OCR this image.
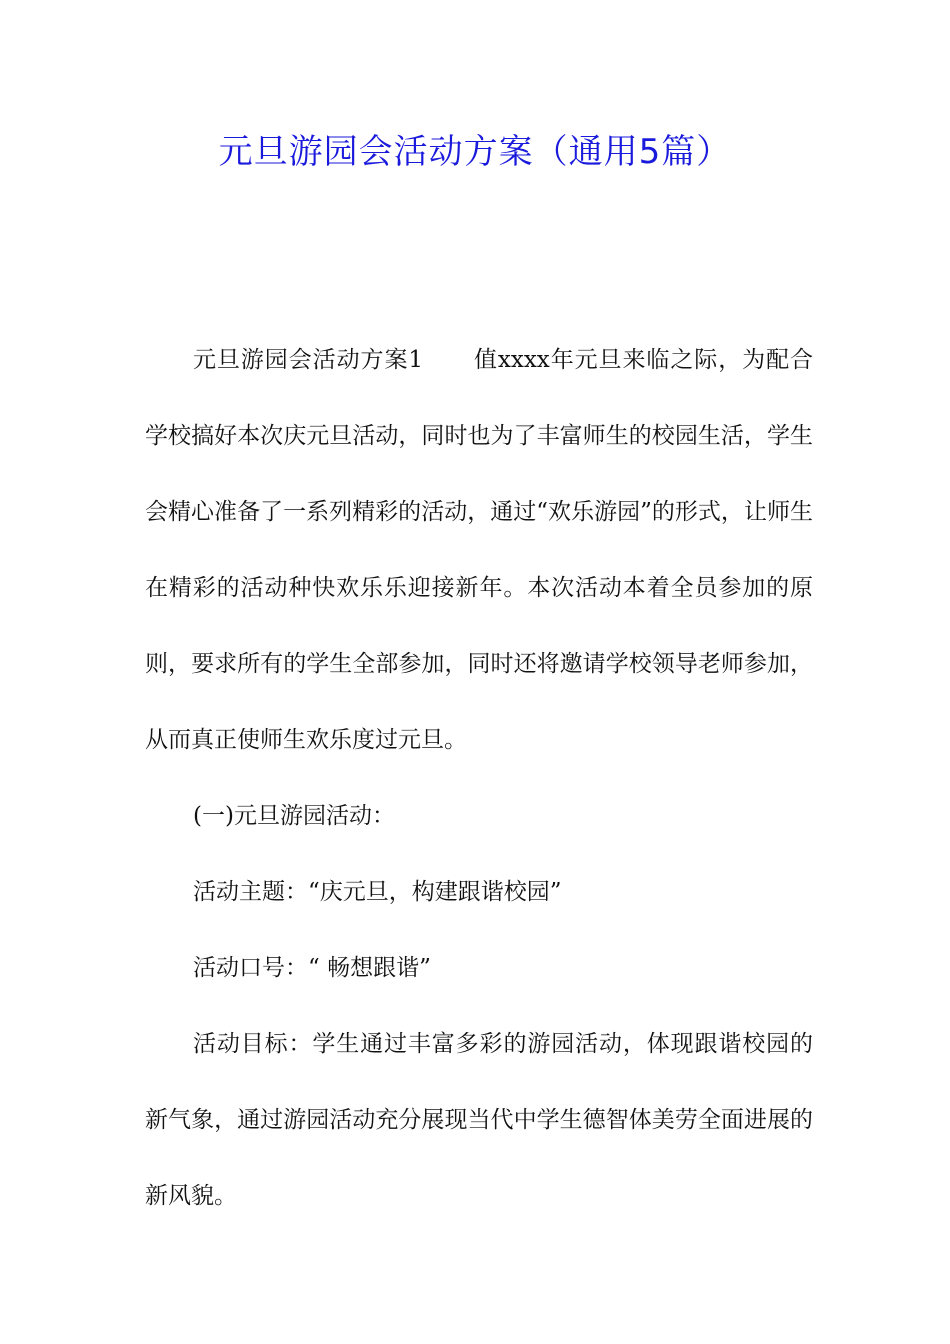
元旦游园会活动方案（通用5篇）

元旦游园会活动方案1 值xxxx年元旦来临之际，为配合学校搞好本次庆元旦活动，同时也为了丰富师生的校园生活，学生会精心准备了一系列精彩的活动，通过“欢乐游园”的形式，让师生在精彩的活动种快欢乐乐迎接新年。本次活动本着全员参加的原则，要求所有的学生全部参加，同时还将邀请学校领导老师参加，从而真正使师生欢乐度过元旦。

(一)元旦游园活动：

活动主题：“庆元旦，构建跟谐校园”

活动口号：“ 畅想跟谐”

活动目标：学生通过丰富多彩的游园活动，体现跟谐校园的新气象，通过游园活动充分展现当代中学生德智体美劳全面进展的新风貌。
